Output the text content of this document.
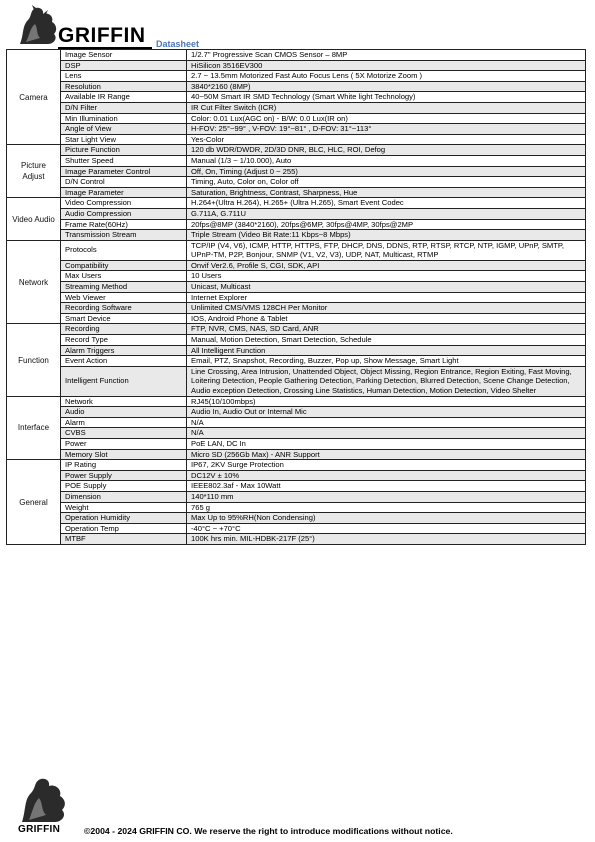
GRIFFIN Datasheet
Camera	Image Sensor	1/2.7" Progressive Scan CMOS Sensor – 8MP
	DSP	HiSilicon 3516EV300
	Lens	2.7 ~ 13.5mm Motorized Fast Auto Focus Lens ( 5X Motorize Zoom )
	Resolution	3840*2160 (8MP)
	Available IR Range	40~50M Smart IR SMD Technology (Smart White light Technology)
	D/N Filter	IR Cut Filter Switch (ICR)
	Min Illumination	Color: 0.01 Lux(AGC on) - B/W: 0.0 Lux(IR on)
	Angle of View	H-FOV: 25°~99° , V-FOV: 19°~81° , D-FOV: 31°~113°
	Star Light View	Yes-Color
Picture Adjust	Picture Function	120 db WDR/DWDR, 2D/3D DNR, BLC, HLC, ROI, Defog
	Shutter Speed	Manual (1/3 ~ 1/10.000), Auto
	Image Parameter Control	Off, On, Timing (Adjust 0 ~ 255)
	D/N Control	Timing, Auto, Color on, Color off
	Image Parameter	Saturation, Brightness, Contrast, Sharpness, Hue
Video Audio	Video Compression	H.264+(Ultra H.264), H.265+ (Ultra H.265), Smart Event Codec
	Audio Compression	G.711A, G.711U
	Frame Rate(60Hz)	20fps@8MP (3840*2160), 20fps@6MP, 30fps@4MP, 30fps@2MP
	Transmission Stream	Triple Stream (Video Bit Rate:11 Kbps~8 Mbps)
Network	Protocols	TCP/IP (V4, V6), ICMP, HTTP, HTTPS, FTP, DHCP, DNS, DDNS, RTP, RTSP, RTCP, NTP, IGMP, UPnP, SMTP, UPnP-TM, P2P, Bonjour, SNMP (V1, V2, V3), UDP, NAT, Multicast, RTMP
	Compatibility	Onvif Ver2.6, Profile S, CGI, SDK, API
	Max Users	10 Users
	Streaming Method	Unicast, Multicast
	Web Viewer	Internet Explorer
	Recording Software	Unlimited CMS/VMS 128CH Per Monitor
	Smart Device	IOS, Android Phone & Tablet
Function	Recording	FTP, NVR, CMS, NAS, SD Card, ANR
	Record Type	Manual, Motion Detection, Smart Detection, Schedule
	Alarm Triggers	All Intelligent Function
	Event Action	Email, PTZ, Snapshot, Recording, Buzzer, Pop up, Show Message, Smart Light
	Intelligent Function	Line Crossing, Area Intrusion, Unattended Object, Object Missing, Region Entrance, Region Exiting, Fast Moving, Loitering Detection, People Gathering Detection, Parking Detection, Blurred Detection, Scene Change Detection, Audio exception Detection, Crossing Line Statistics, Human Detection, Motion Detection, Video Shelter
Interface	Network	RJ45(10/100mbps)
	Audio	Audio In, Audio Out or Internal Mic
	Alarm	N/A
	CVBS	N/A
	Power	PoE LAN, DC In
	Memory Slot	Micro SD (256Gb Max) - ANR Support
General	IP Rating	IP67, 2KV Surge Protection
	Power Supply	DC12V ± 10%
	POE Supply	IEEE802.3af - Max 10Watt
	Dimension	140*110 mm
	Weight	765 g
	Operation Humidity	Max Up to 95%RH(Non Condensing)
	Operation Temp	-40°C ~ +70°C
	MTBF	100K hrs min. MIL-HDBK-217F (25°)
GRIFFIN	©2004 - 2024 GRIFFIN CO. We reserve the right to introduce modifications without notice.
